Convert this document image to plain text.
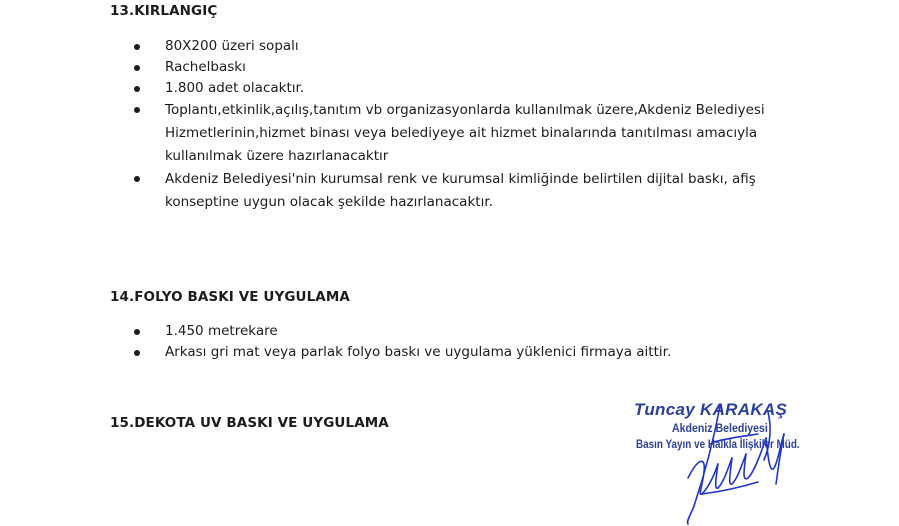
13.KIRLANGIÇ
80X200 üzeri sopalı
Rachelbaskı
1.800 adet olacaktır.
Toplantı,etkinlik,açılış,tanıtım vb organizasyonlarda kullanılmak üzere,Akdeniz Belediyesi Hizmetlerinin,hizmet binası veya belediyeye ait hizmet binalarında tanıtılması amacıyla kullanılmak üzere hazırlanacaktır
Akdeniz Belediyesi'nin kurumsal renk ve kurumsal kimliğinde belirtilen dijital baskı, afiş konseptine uygun olacak şekilde hazırlanacaktır.
14.FOLYO BASKI VE UYGULAMA
1.450 metrekare
Arkası gri mat veya parlak folyo baskı ve uygulama yüklenici firmaya aittir.
15.DEKOTA UV BASKI VE UYGULAMA
Tuncay KARAKAŞ
Akdeniz Belediyesi
Basın Yayın ve Halkla İlişkiler Müd.
